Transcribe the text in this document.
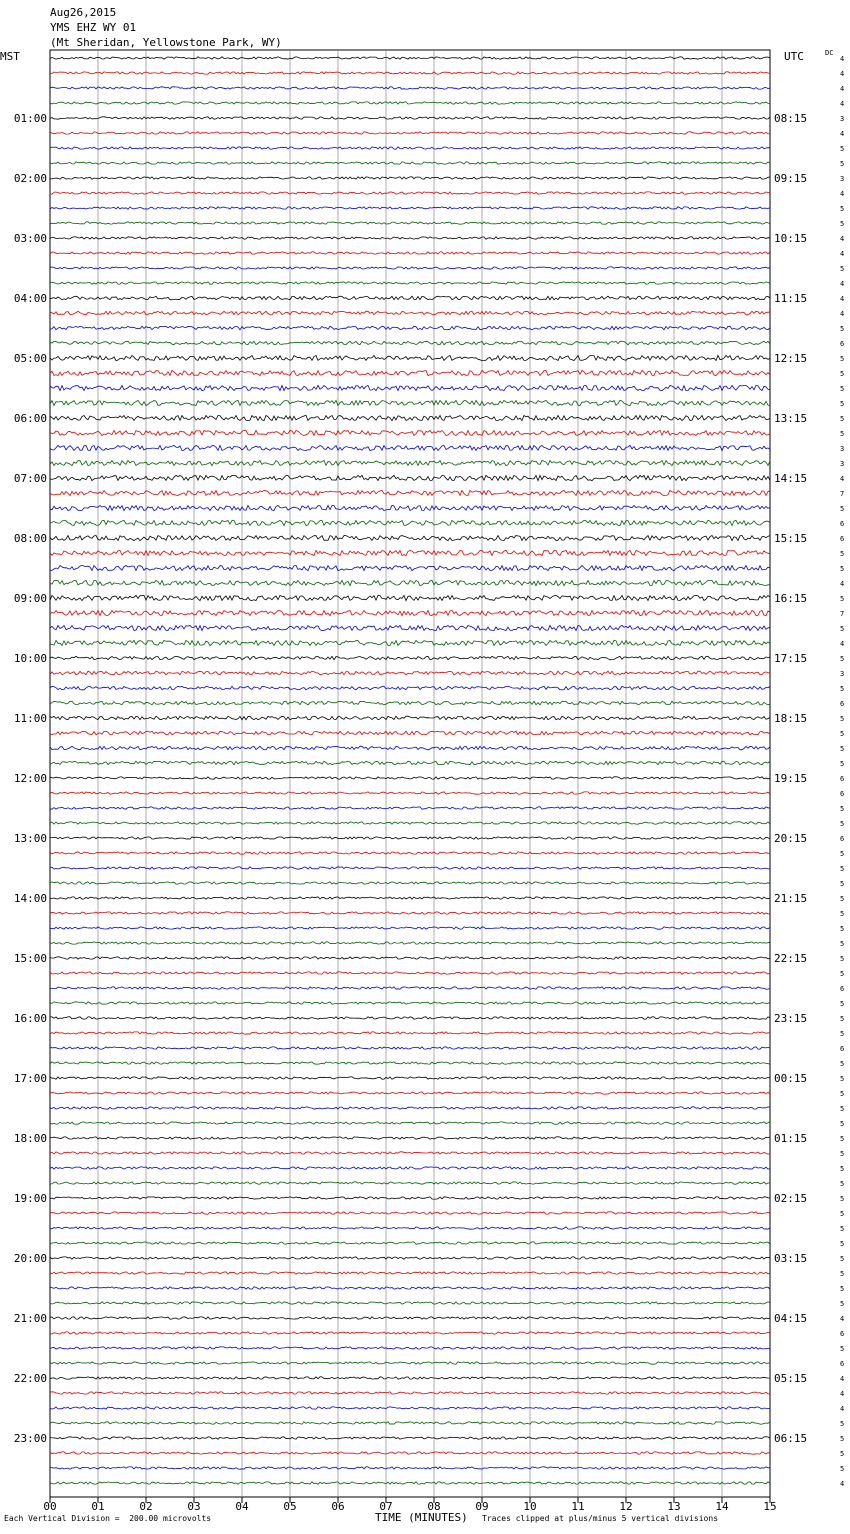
Aug26,2015
YMS EHZ WY 01
(Mt Sheridan, Yellowstone Park, WY)
MST	UTC	DC
00	01	02	03	04	05	06	07	08	09	10	11	12	13	14	15
01:00
02:00
03:00
04:00
05:00
06:00
07:00
08:00
09:00
10:00
11:00
12:00
13:00
14:00
15:00
16:00
17:00
18:00
19:00
20:00
21:00
22:00
23:00
08:15
09:15
10:15
11:15
12:15
13:15
14:15
15:15
16:15
17:15
18:15
19:15
20:15
21:15
22:15
23:15
00:15
01:15
02:15
03:15
04:15
05:15
06:15
4
4
4
4
3
4
5
5
3
4
5
5
4
4
5
4
4
4
5
6
5
5
5
5
5
5
3
3
4
7
5
6
6
5
5
4
5
7
5
4
5
3
5
6
5
5
5
5
6
6
5
5
6
5
5
5
5
5
5
5
5
5
6
5
5
5
6
5
5
5
5
5
5
5
5
5
5
5
5
5
5
5
5
5
4
6
5
6
4
4
4
5
5
5
5
4
Each Vertical Division =  200.00 microvolts	TIME (MINUTES) Traces clipped at plus/minus 5 vertical divisions
